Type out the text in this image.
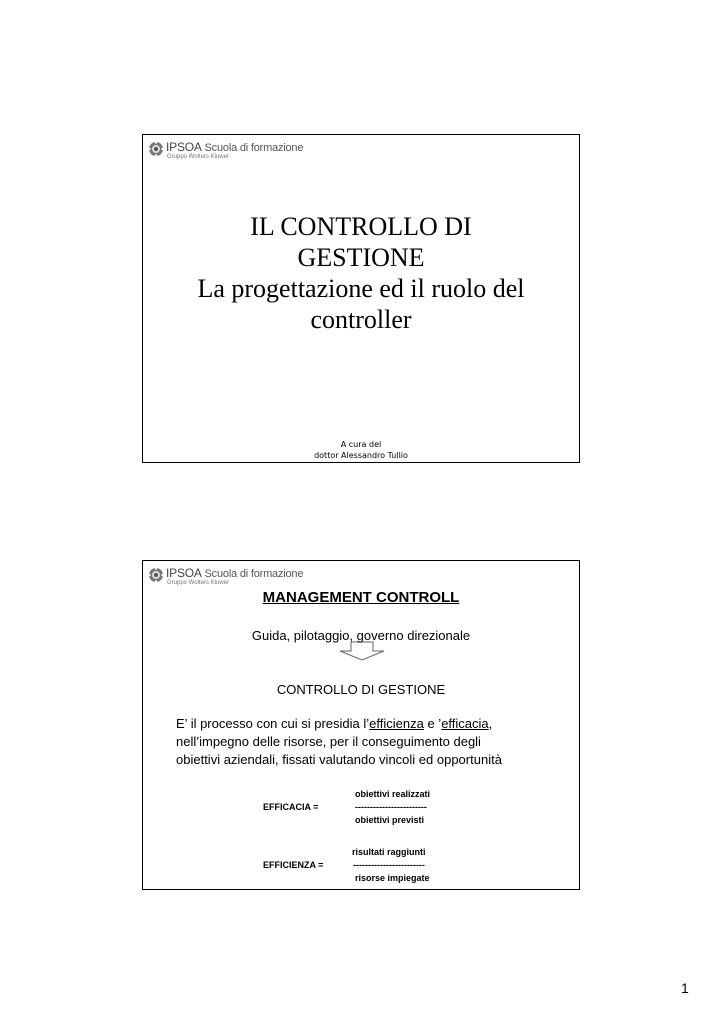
IPSOA Scuola di formazione
Gruppo Wolters Kluwer
IL CONTROLLO DI
GESTIONE
La progettazione ed il ruolo del
controller
A cura del
dottor Alessandro Tullio
IPSOA Scuola di formazione
Gruppo Wolters Kluwer
MANAGEMENT CONTROLL
Guida, pilotaggio, governo direzionale
CONTROLLO DI GESTIONE
E’ il processo con cui si presidia l’efficienza e ’efficacia,
nell’impegno delle risorse, per il conseguimento degli
obiettivi aziendali, fissati valutando vincoli ed opportunità
obiettivi realizzati
EFFICACIA =	------------------------
obiettivi previsti
risultati raggiunti
EFFICIENZA =	------------------------
risorse impiegate
1
